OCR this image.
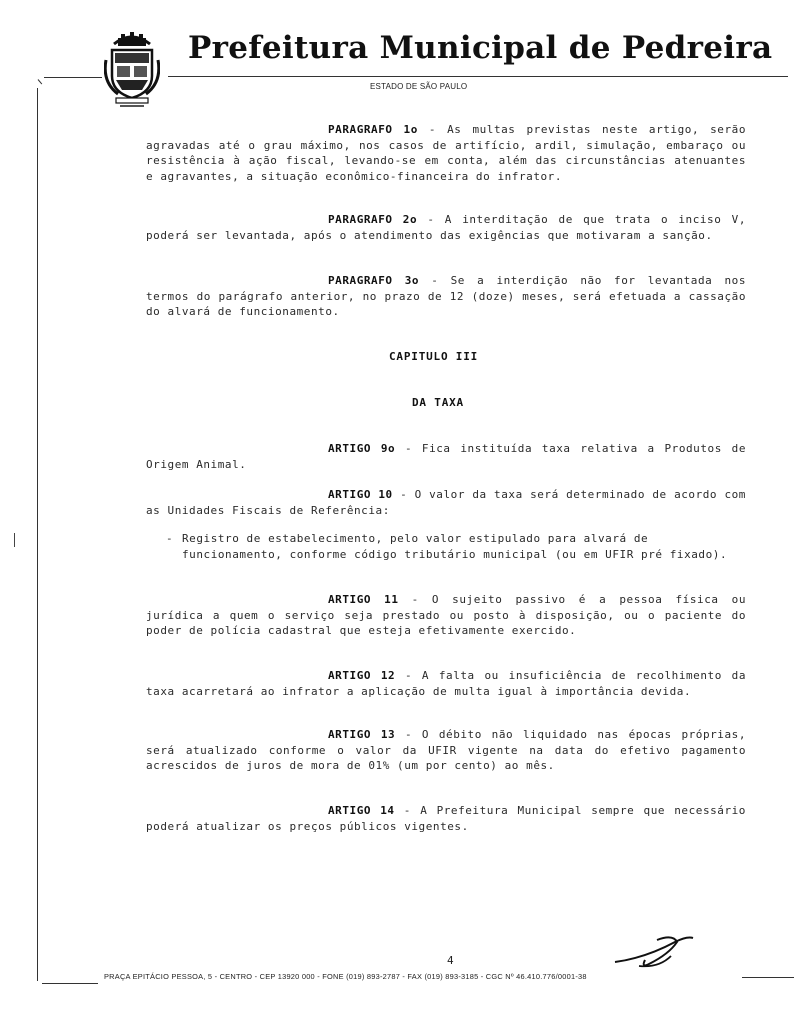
Prefeitura Municipal de Pedreira
ESTADO DE SÃO PAULO

PARAGRAFO 1o - As multas previstas neste artigo, serão agravadas até o grau máximo, nos casos de artifício, ardil, simulação, embaraço ou resistência à ação fiscal, levando-se em conta, além das circunstâncias atenuantes e agravantes, a situação econômico-financeira do infrator.

PARAGRAFO 2o - A interditação de que trata o inciso V, poderá ser levantada, após o atendimento das exigências que motivaram a sanção.

PARAGRAFO 3o - Se a interdição não for levantada nos termos do parágrafo anterior, no prazo de 12 (doze) meses, será efetuada a cassação do alvará de funcionamento.

CAPITULO III
DA TAXA

ARTIGO 9o - Fica instituída taxa relativa a Produtos de Origem Animal.

ARTIGO 10 - O valor da taxa será determinado de acordo com as Unidades Fiscais de Referência:

- Registro de estabelecimento, pelo valor estipulado para alvará de funcionamento, conforme código tributário municipal (ou em UFIR pré fixado).

ARTIGO 11 - O sujeito passivo é a pessoa física ou jurídica a quem o serviço seja prestado ou posto à disposição, ou o paciente do poder de polícia cadastral que esteja efetivamente exercido.

ARTIGO 12 - A falta ou insuficiência de recolhimento da taxa acarretará ao infrator a aplicação de multa igual à importância devida.

ARTIGO 13 - O débito não liquidado nas épocas próprias, será atualizado conforme o valor da UFIR vigente na data do efetivo pagamento acrescidos de juros de mora de 01% (um por cento) ao mês.

ARTIGO 14 - A Prefeitura Municipal sempre que necessário poderá atualizar os preços públicos vigentes.

4
PRAÇA EPITÁCIO PESSOA, 5 - CENTRO - CEP 13920 000 - FONE (019) 893-2787 - FAX (019) 893-3185 - CGC Nº 46.410.776/0001-38
